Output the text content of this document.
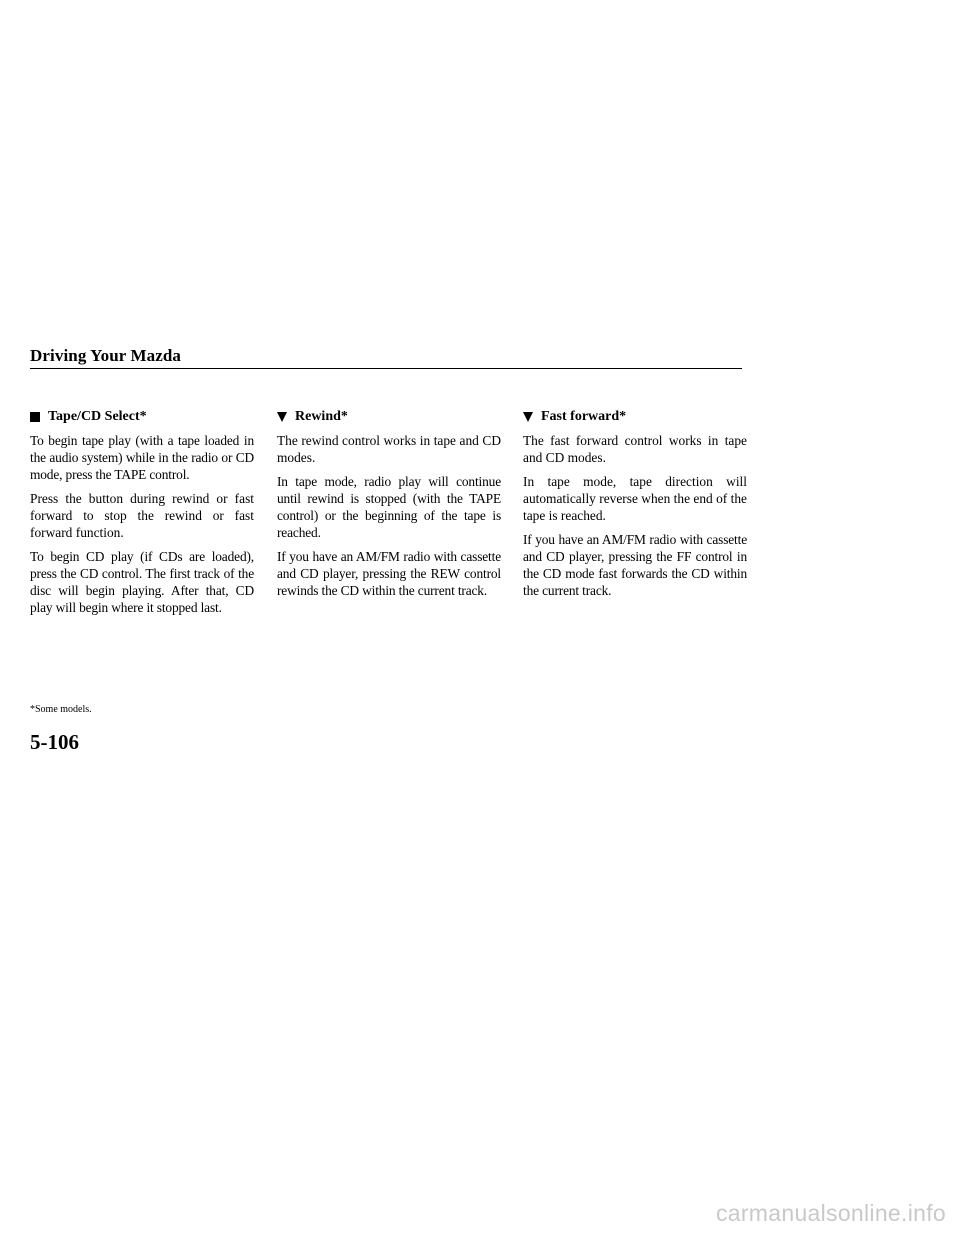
Driving Your Mazda
Tape/CD Select*

To begin tape play (with a tape loaded in the audio system) while in the radio or CD mode, press the TAPE control.

Press the button during rewind or fast forward to stop the rewind or fast forward function.

To begin CD play (if CDs are loaded), press the CD control. The first track of the disc will begin playing. After that, CD play will begin where it stopped last.

Rewind*

The rewind control works in tape and CD modes.

In tape mode, radio play will continue until rewind is stopped (with the TAPE control) or the beginning of the tape is reached.

If you have an AM/FM radio with cassette and CD player, pressing the REW control rewinds the CD within the current track.

Fast forward*

The fast forward control works in tape and CD modes.

In tape mode, tape direction will automatically reverse when the end of the tape is reached.

If you have an AM/FM radio with cassette and CD player, pressing the FF control in the CD mode fast forwards the CD within the current track.

*Some models.
5-106
carmanualsonline.info
